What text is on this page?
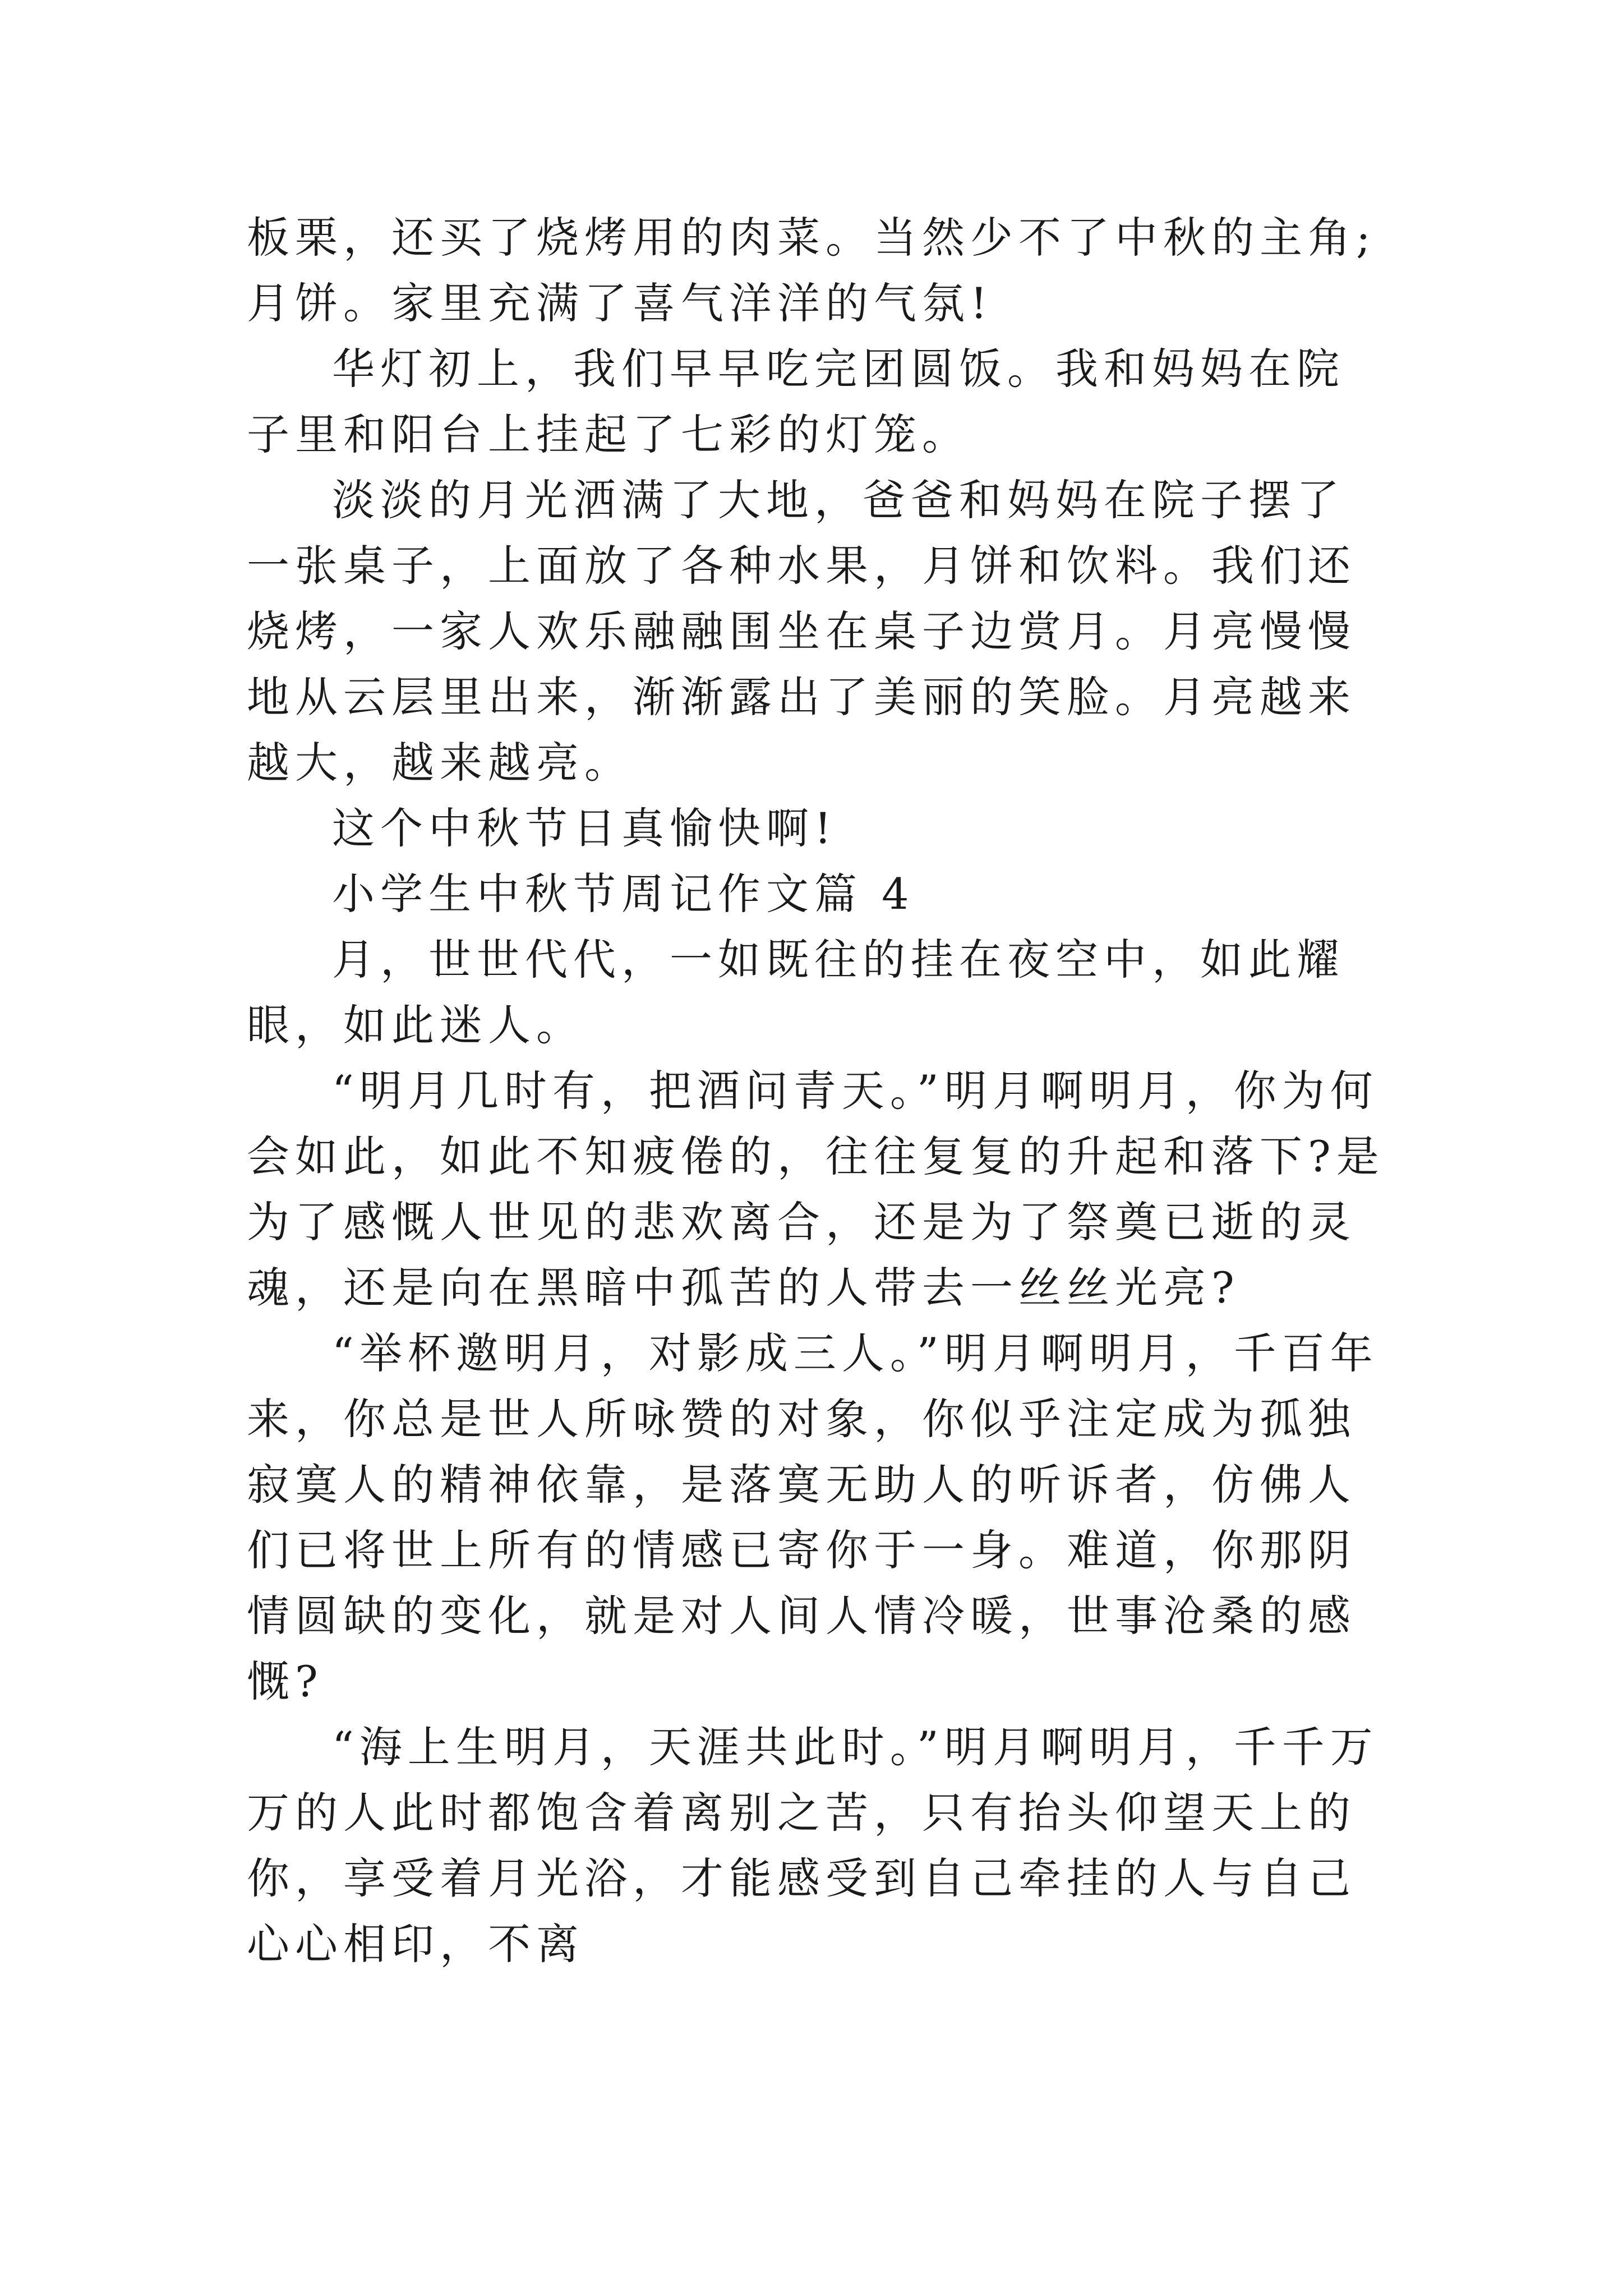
板栗，还买了烧烤用的肉菜。当然少不了中秋的主角;月饼。家里充满了喜气洋洋的气氛!

华灯初上，我们早早吃完团圆饭。我和妈妈在院子里和阳台上挂起了七彩的灯笼。

淡淡的月光洒满了大地，爸爸和妈妈在院子摆了一张桌子，上面放了各种水果，月饼和饮料。我们还烧烤，一家人欢乐融融围坐在桌子边赏月。月亮慢慢地从云层里出来，渐渐露出了美丽的笑脸。月亮越来越大，越来越亮。

这个中秋节日真愉快啊!

小学生中秋节周记作文篇 4

月，世世代代，一如既往的挂在夜空中，如此耀眼，如此迷人。

“明月几时有，把酒问青天。”明月啊明月，你为何会如此，如此不知疲倦的，往往复复的升起和落下?是为了感慨人世见的悲欢离合，还是为了祭奠已逝的灵魂，还是向在黑暗中孤苦的人带去一丝丝光亮?

“举杯邀明月，对影成三人。”明月啊明月，千百年来，你总是世人所咏赞的对象，你似乎注定成为孤独寂寞人的精神依靠，是落寞无助人的听诉者，仿佛人们已将世上所有的情感已寄你于一身。难道，你那阴情圆缺的变化，就是对人间人情冷暖，世事沧桑的感慨?

“海上生明月，天涯共此时。”明月啊明月，千千万万的人此时都饱含着离别之苦，只有抬头仰望天上的你，享受着月光浴，才能感受到自己牵挂的人与自己心心相印，不离
